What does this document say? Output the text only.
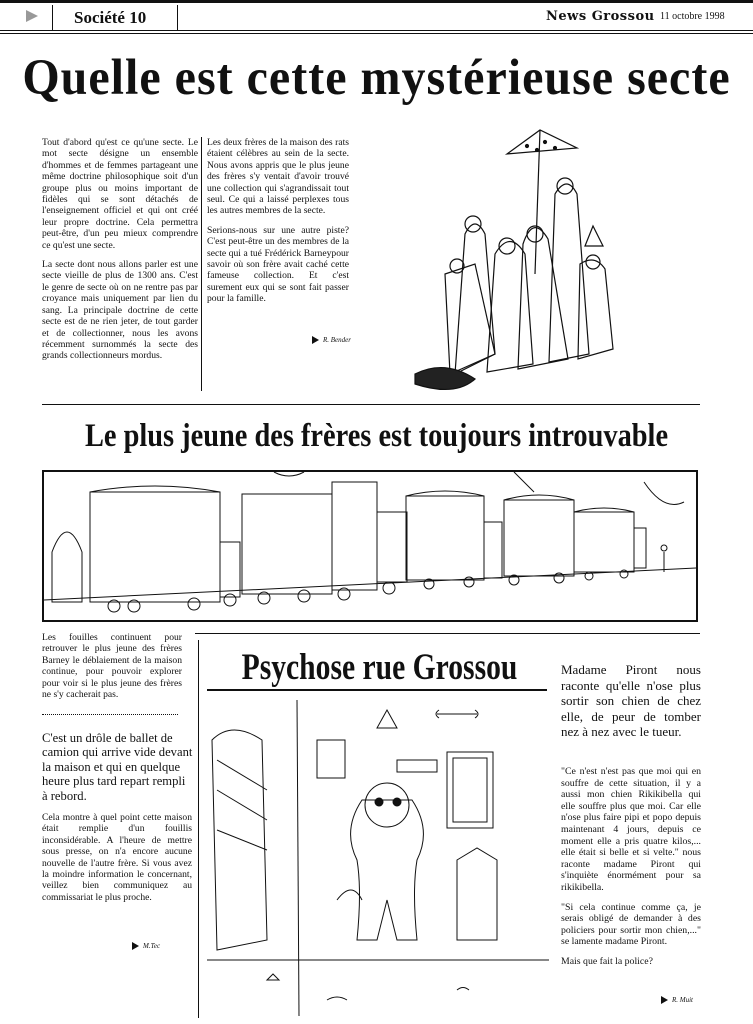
Société 10	News Grossou 11 octobre 1998
Quelle est cette mystérieuse secte

Tout d'abord qu'est ce qu'une secte. Le mot secte désigne un ensemble d'hommes et de femmes partageant une même doctrine philosophique soit d'un groupe plus ou moins important de fidèles qui se sont détachés de l'enseignement officiel et qui ont créé leur propre doctrine. Cela permettra peut-être, d'un peu mieux comprendre ce qu'est une secte.

La secte dont nous allons parler est une secte vieille de plus de 1300 ans. C'est le genre de secte où on ne rentre pas par croyance mais uniquement par lien du sang. La principale doctrine de cette secte est de ne rien jeter, de tout garder et de collectionner, nous les avons récemment surnommés la secte des grands collectionneurs mordus.

Les deux frères de la maison des rats étaient célèbres au sein de la secte. Nous avons appris que le plus jeune des frères s'y ventait d'avoir trouvé une collection qui s'agrandissait tout seul. Ce qui a laissé perplexes tous les autres membres de la secte.

Serions-nous sur une autre piste? C'est peut-être un des membres de la secte qui a tué Frédérick Barneypour savoir où son frère avait caché cette fameuse collection. Et c'est surement eux qui se sont fait passer pour la famille.

R. Bender
Le plus jeune des frères est toujours introuvable
Les fouilles continuent pour retrouver le plus jeune des frères Barney le déblaiement de la maison continue, pour pouvoir explorer pour voir si le plus jeune des frères ne s'y cacherait pas.
C'est un drôle de ballet de camion qui arrive vide devant la maison et qui en quelque heure plus tard repart rempli à rebord.
Cela montre à quel point cette maison était remplie d'un fouillis inconsidérable. A l'heure de mettre sous presse, on n'a encore aucune nouvelle de l'autre frère. Si vous avez la moindre information le concernant, veillez bien communiquez au commissariat le plus proche.
M.Tec
Psychose rue Grossou	Madame Piront nous raconte qu'elle n'ose plus sortir son chien de chez elle, de peur de tomber nez à nez avec le tueur.

"Ce n'est n'est pas que moi qui en souffre de cette situation, il y a aussi mon chien Rikikibella qui elle souffre plus que moi. Car elle n'ose plus faire pipi et popo depuis maintenant 4 jours, depuis ce moment elle a pris quatre kilos,... elle était si belle et si velte." nous raconte madame Piront qui s'inquiète énormément pour sa rikikibella.

"Si cela continue comme ça, je serais obligé de demander à des policiers pour sortir mon chien,..." se lamente madame Piront.

Mais que fait la police?

R. Muit
